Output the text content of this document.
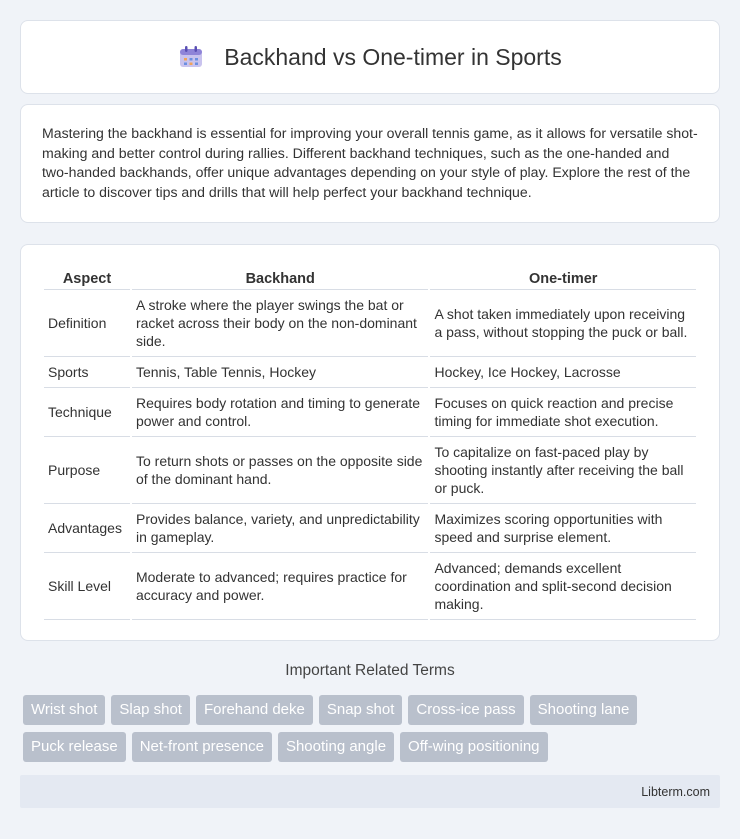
Backhand vs One-timer in Sports

Mastering the backhand is essential for improving your overall tennis game, as it allows for versatile shot-making and better control during rallies. Different backhand techniques, such as the one-handed and two-handed backhands, offer unique advantages depending on your style of play. Explore the rest of the article to discover tips and drills that will help perfect your backhand technique.

Aspect	Backhand	One-timer
Definition	A stroke where the player swings the bat or racket across their body on the non-dominant side.	A shot taken immediately upon receiving a pass, without stopping the puck or ball.
Sports	Tennis, Table Tennis, Hockey	Hockey, Ice Hockey, Lacrosse
Technique	Requires body rotation and timing to generate power and control.	Focuses on quick reaction and precise timing for immediate shot execution.
Purpose	To return shots or passes on the opposite side of the dominant hand.	To capitalize on fast-paced play by shooting instantly after receiving the ball or puck.
Advantages	Provides balance, variety, and unpredictability in gameplay.	Maximizes scoring opportunities with speed and surprise element.
Skill Level	Moderate to advanced; requires practice for accuracy and power.	Advanced; demands excellent coordination and split-second decision making.
Important Related Terms
Wrist shot	Slap shot	Forehand deke	Snap shot	Cross-ice pass	Shooting lane
Puck release	Net-front presence	Shooting angle	Off-wing positioning
Libterm.com
